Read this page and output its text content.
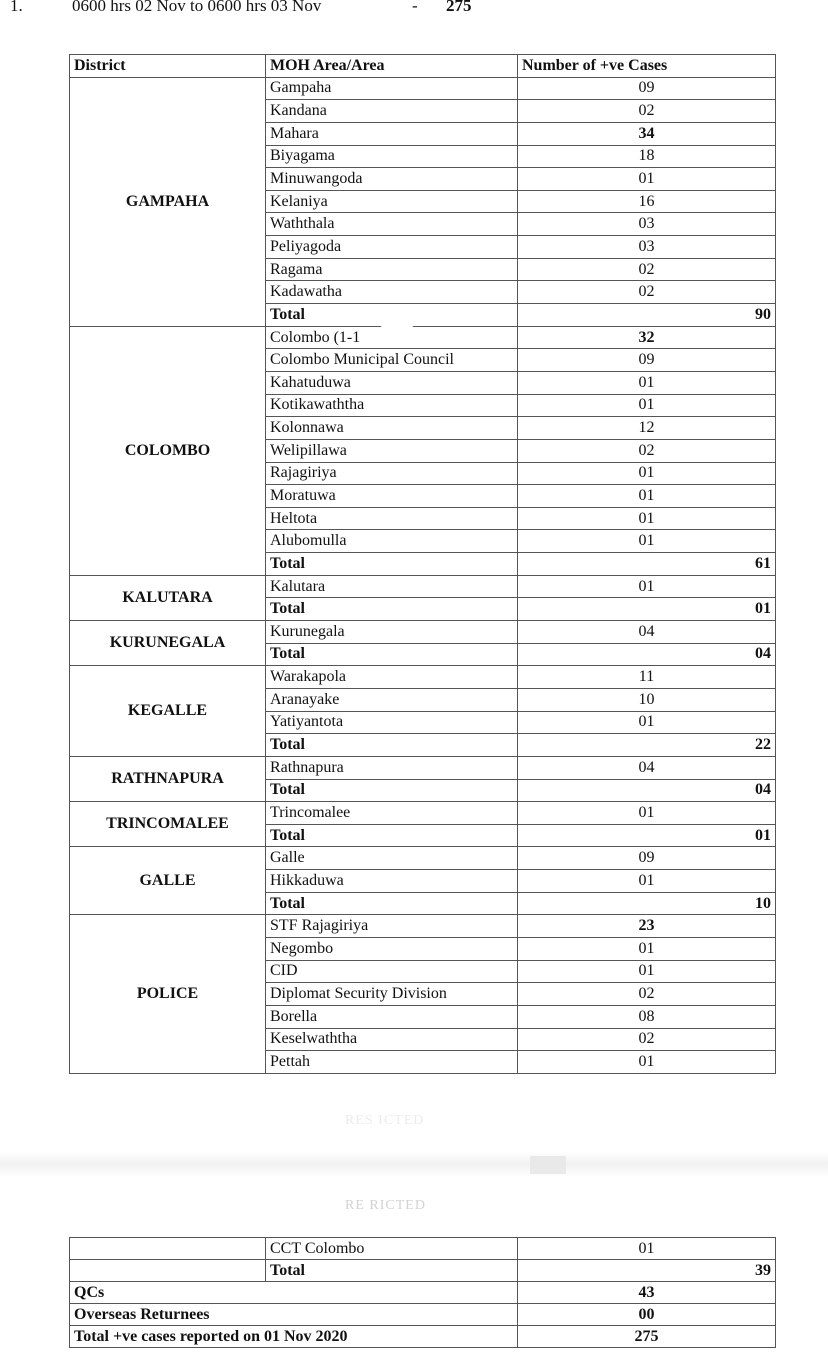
1.	0600 hrs 02 Nov to 0600 hrs 03 Nov	- 275
District	MOH Area/Area	Number of +ve Cases
GAMPAHA	Gampaha	09
	Kandana	02
	Mahara	34
	Biyagama	18
	Minuwangoda	01
	Kelaniya	16
	Waththala	03
	Peliyagoda	03
	Ragama	02
	Kadawatha	02
	Total	90
COLOMBO	Colombo (1-1	32
	Colombo Municipal Council	09
	Kahatuduwa	01
	Kotikawaththa	01
	Kolonnawa	12
	Welipillawa	02
	Rajagiriya	01
	Moratuwa	01
	Heltota	01
	Alubomulla	01
	Total	61
KALUTARA	Kalutara	01
	Total	01
KURUNEGALA	Kurunegala	04
	Total	04
KEGALLE	Warakapola	11
	Aranayake	10
	Yatiyantota	01
	Total	22
RATHNAPURA	Rathnapura	04
	Total	04
TRINCOMALEE	Trincomalee	01
	Total	01
GALLE	Galle	09
	Hikkaduwa	01
	Total	10
POLICE	STF Rajagiriya	23
	Negombo	01
	CID	01
	Diplomat Security Division	02
	Borella	08
	Keselwaththa	02
	Pettah	01
RES ICTED
RE RICTED
	CCT Colombo	01
	Total	39
QCs		43
Overseas Returnees		00
Total +ve cases reported on 01 Nov 2020		275
